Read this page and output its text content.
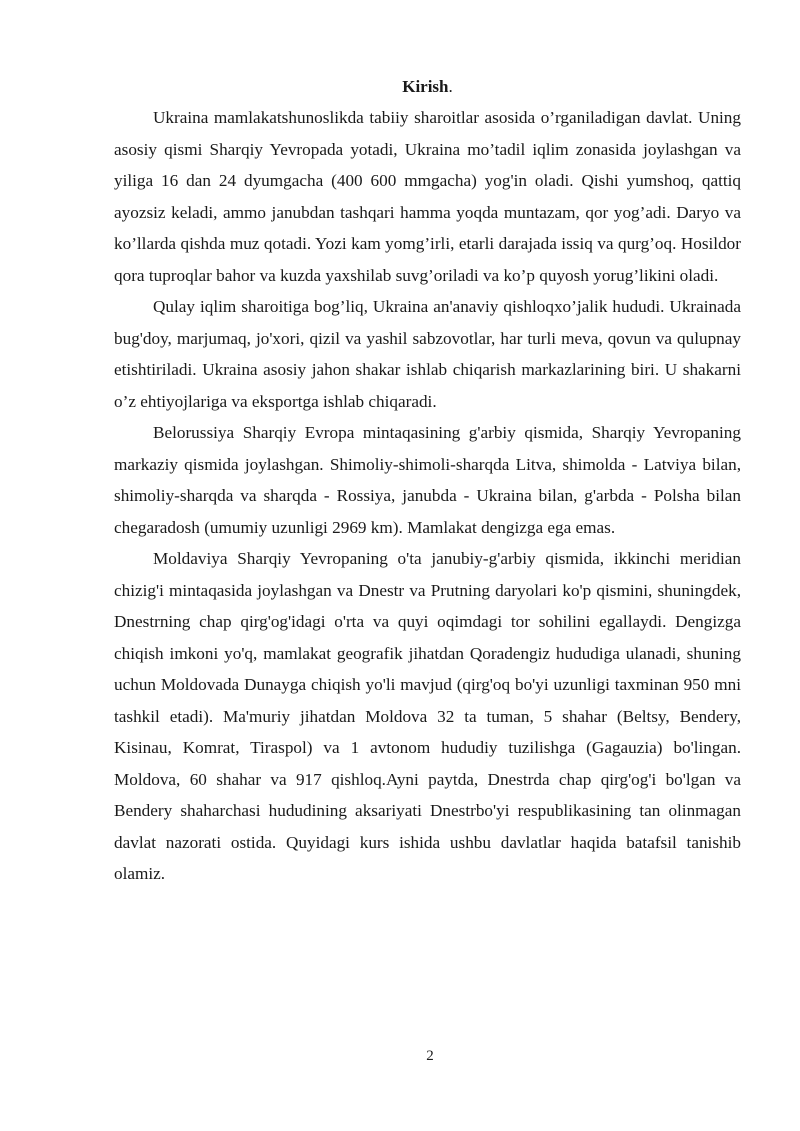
Kirish.

Ukraina mamlakatshunoslikda tabiiy sharoitlar asosida o’rganiladigan davlat. Uning asosiy qismi Sharqiy Yevropada yotadi, Ukraina mo’tadil iqlim zonasida joylashgan va yiliga 16 dan 24 dyumgacha (400 600 mmgacha) yog'in oladi. Qishi yumshoq, qattiq ayozsiz keladi, ammo janubdan tashqari hamma yoqda muntazam, qor yog’adi. Daryo va ko’llarda qishda muz qotadi. Yozi kam yomg’irli, etarli darajada issiq va qurg’oq. Hosildor qora tuproqlar bahor va kuzda yaxshilab suvg’oriladi va ko’p quyosh yorug’likini oladi.

Qulay iqlim sharoitiga bog’liq, Ukraina an'anaviy qishloqxo’jalik hududi. Ukrainada bug'doy, marjumaq, jo'xori, qizil va yashil sabzovotlar, har turli meva, qovun va qulupnay etishtiriladi. Ukraina asosiy jahon shakar ishlab chiqarish markazlarining biri. U shakarni o’z ehtiyojlariga va eksportga ishlab chiqaradi.

Belorussiya Sharqiy Evropa mintaqasining g'arbiy qismida, Sharqiy Yevropaning markaziy qismida joylashgan. Shimoliy-shimoli-sharqda Litva, shimolda - Latviya bilan, shimoliy-sharqda va sharqda - Rossiya, janubda - Ukraina bilan, g'arbda - Polsha bilan chegaradosh (umumiy uzunligi 2969 km). Mamlakat dengizga ega emas.

Moldaviya Sharqiy Yevropaning o'ta janubiy-g'arbiy qismida, ikkinchi meridian chizig'i mintaqasida joylashgan va Dnestr va Prutning daryolari ko'p qismini, shuningdek, Dnestrning chap qirg'og'idagi o'rta va quyi oqimdagi tor sohilini egallaydi. Dengizga chiqish imkoni yo'q, mamlakat geografik jihatdan Qoradengiz hududiga ulanadi, shuning uchun Moldovada Dunayga chiqish yo'li mavjud (qirg'oq bo'yi uzunligi taxminan 950 mni tashkil etadi). Ma'muriy jihatdan Moldova 32 ta tuman, 5 shahar (Beltsy, Bendery, Kisinau, Komrat, Tiraspol) va 1 avtonom hududiy tuzilishga (Gagauzia) bo'lingan. Moldova, 60 shahar va 917 qishloq.Ayni paytda, Dnestrda chap qirg'og'i bo'lgan va Bendery shaharchasi hududining aksariyati Dnestrbo'yi respublikasining tan olinmagan davlat nazorati ostida. Quyidagi kurs ishida ushbu davlatlar haqida batafsil tanishib olamiz.

2
